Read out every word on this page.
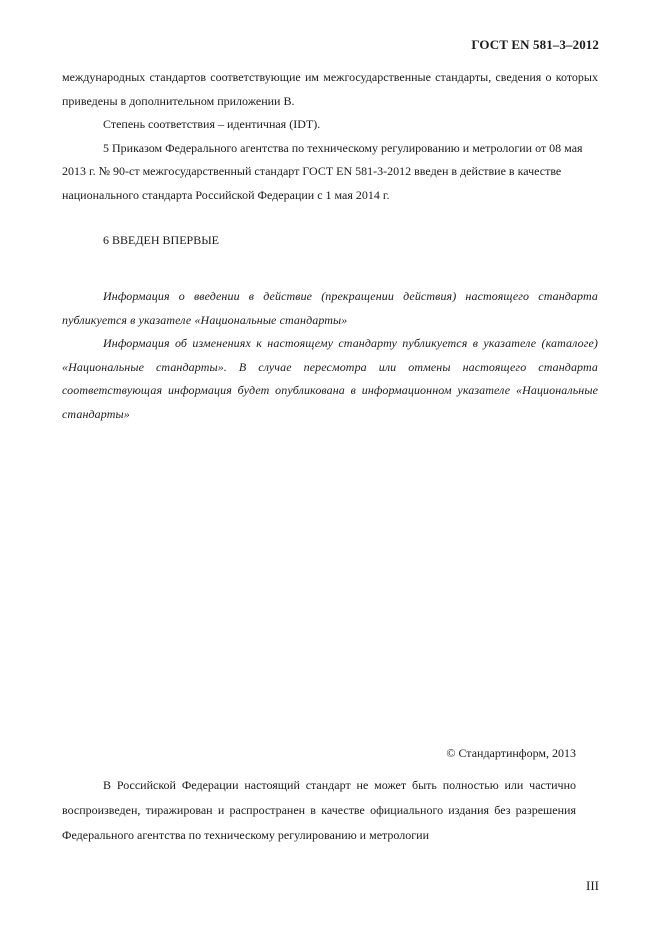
ГОСТ EN 581–3–2012

международных стандартов соответствующие им межгосударственные стандарты, сведения о которых приведены в дополнительном приложении В.

Степень соответствия – идентичная (IDT).

5 Приказом Федерального агентства по техническому регулированию и метрологии от 08 мая 2013 г. № 90-ст межгосударственный стандарт ГОСТ EN 581-3-2012 введен в действие в качестве национального стандарта Российской Федерации с 1 мая 2014 г.

6 ВВЕДЕН ВПЕРВЫЕ

Информация о введении в действие (прекращении действия) настоящего стандарта публикуется в указателе «Национальные стандарты»

Информация об изменениях к настоящему стандарту публикуется в указателе (каталоге) «Национальные стандарты». В случае пересмотра или отмены настоящего стандарта соответствующая информация будет опубликована в информационном указателе «Национальные стандарты»

© Стандартинформ, 2013

В Российской Федерации настоящий стандарт не может быть полностью или частично воспроизведен, тиражирован и распространен в качестве официального издания без разрешения Федерального агентства по техническому регулированию и метрологии

III
